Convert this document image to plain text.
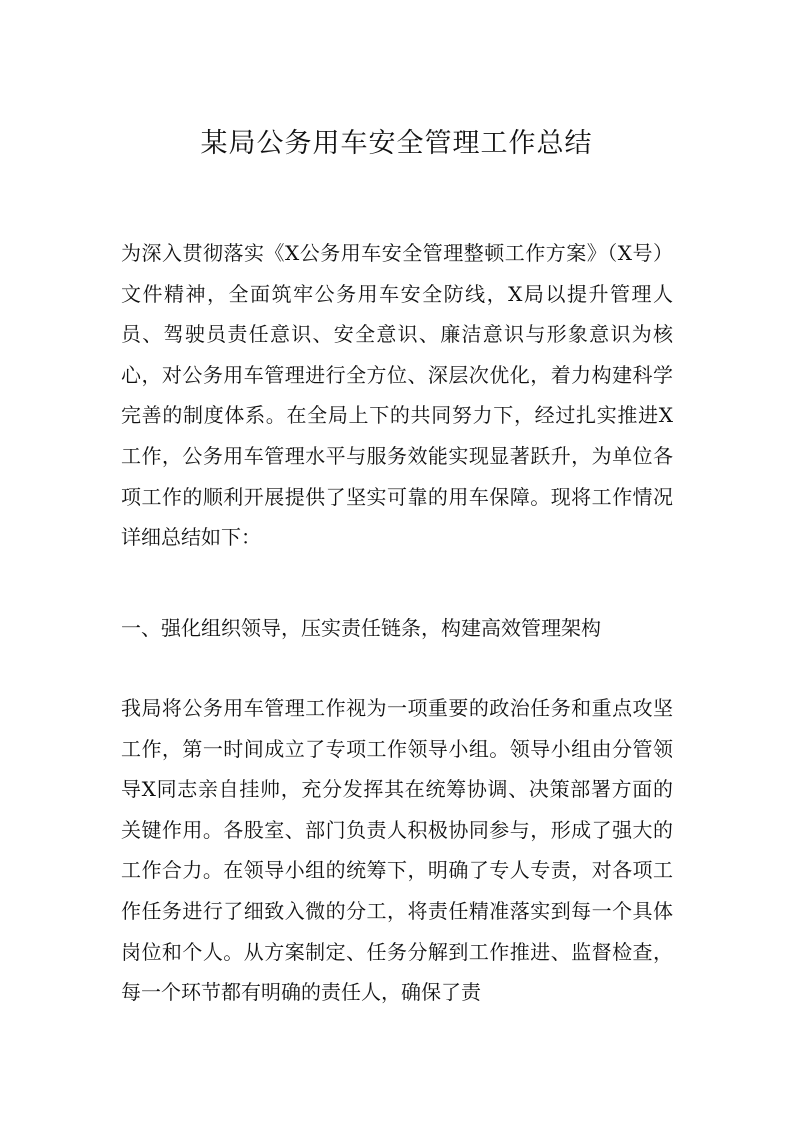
某局公务用车安全管理工作总结

为深入贯彻落实《X公务用车安全管理整顿工作方案》（X号）文件精神，全面筑牢公务用车安全防线，X局以提升管理人员、驾驶员责任意识、安全意识、廉洁意识与形象意识为核心，对公务用车管理进行全方位、深层次优化，着力构建科学完善的制度体系。在全局上下的共同努力下，经过扎实推进X工作，公务用车管理水平与服务效能实现显著跃升，为单位各项工作的顺利开展提供了坚实可靠的用车保障。现将工作情况详细总结如下：

一、强化组织领导，压实责任链条，构建高效管理架构

我局将公务用车管理工作视为一项重要的政治任务和重点攻坚工作，第一时间成立了专项工作领导小组。领导小组由分管领导X同志亲自挂帅，充分发挥其在统筹协调、决策部署方面的关键作用。各股室、部门负责人积极协同参与，形成了强大的工作合力。在领导小组的统筹下，明确了专人专责，对各项工作任务进行了细致入微的分工，将责任精准落实到每一个具体岗位和个人。从方案制定、任务分解到工作推进、监督检查，每一个环节都有明确的责任人，确保了责
